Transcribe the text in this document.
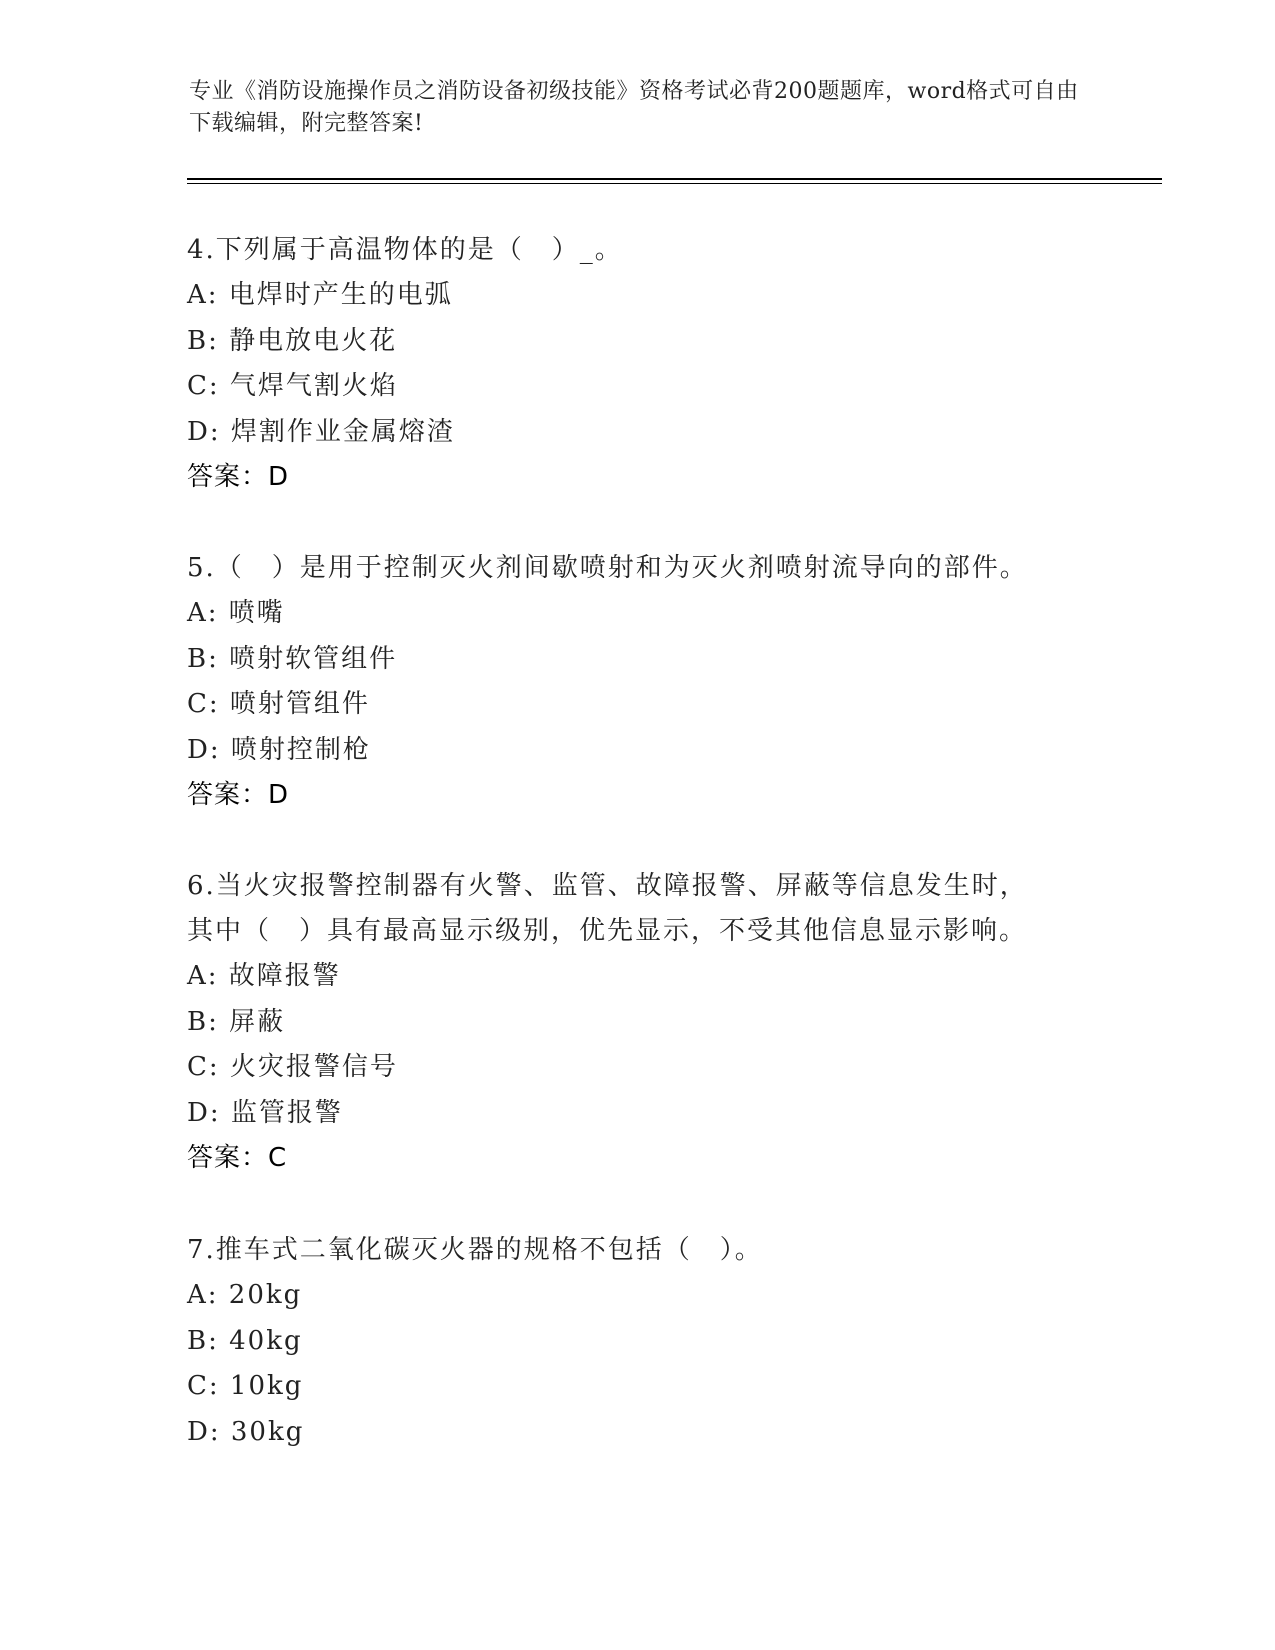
专业《消防设施操作员之消防设备初级技能》资格考试必背200题题库，word格式可自由下载编辑，附完整答案!
4.下列属于高温物体的是（　）_。
A: 电焊时产生的电弧
B: 静电放电火花
C: 气焊气割火焰
D: 焊割作业金属熔渣
答案：D
5.（　）是用于控制灭火剂间歇喷射和为灭火剂喷射流导向的部件。
A: 喷嘴
B: 喷射软管组件
C: 喷射管组件
D: 喷射控制枪
答案：D
6.当火灾报警控制器有火警、监管、故障报警、屏蔽等信息发生时，其中（　）具有最高显示级别，优先显示，不受其他信息显示影响。
A: 故障报警
B: 屏蔽
C: 火灾报警信号
D: 监管报警
答案：C
7.推车式二氧化碳灭火器的规格不包括（　）。
A: 20kg
B: 40kg
C: 10kg
D: 30kg
